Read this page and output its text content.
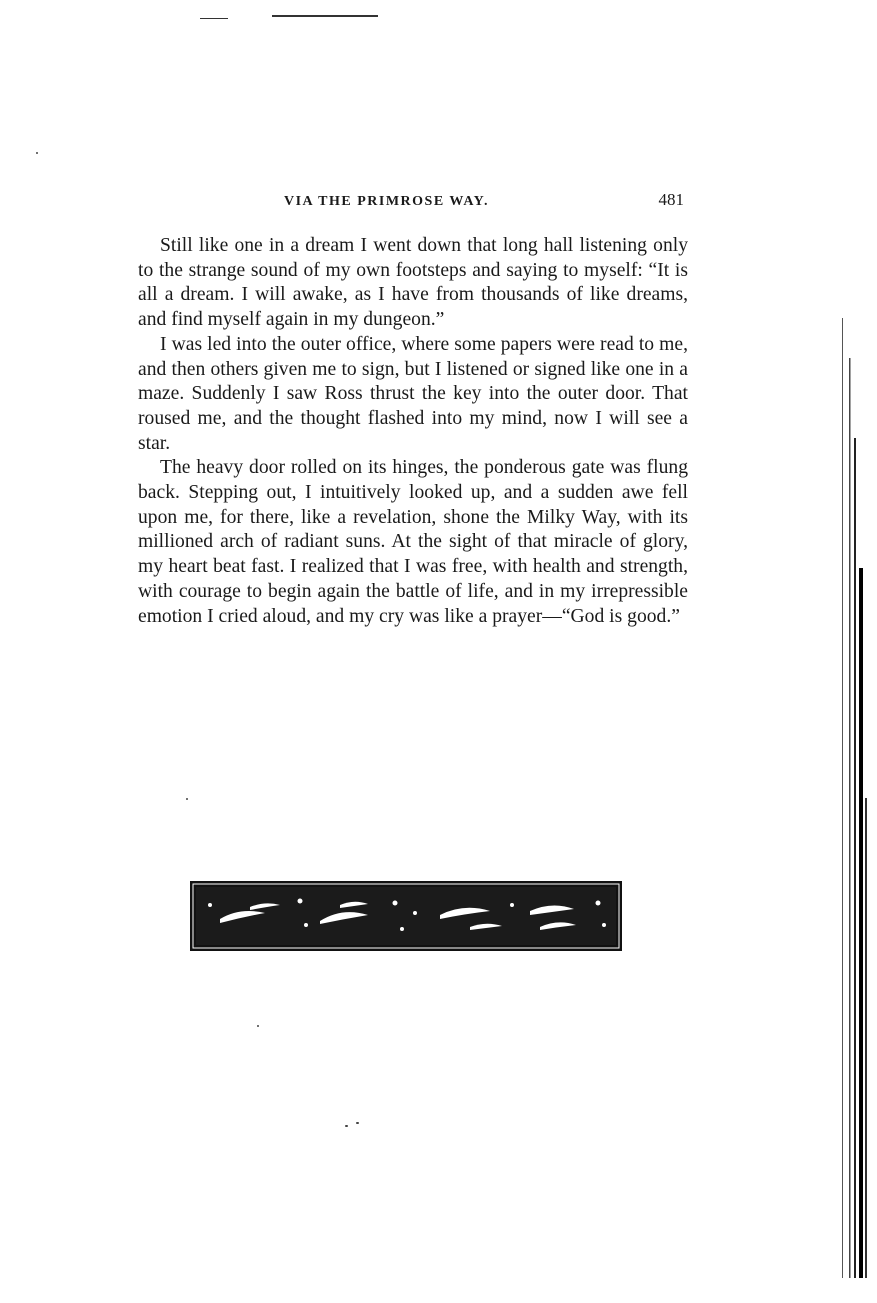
VIA THE PRIMROSE WAY.	481

Still like one in a dream I went down that long hall listening only to the strange sound of my own footsteps and saying to myself: “It is all a dream. I will awake, as I have from thousands of like dreams, and find myself again in my dungeon.”

I was led into the outer office, where some papers were read to me, and then others given me to sign, but I listened or signed like one in a maze. Suddenly I saw Ross thrust the key into the outer door. That roused me, and the thought flashed into my mind, now I will see a star.

The heavy door rolled on its hinges, the ponderous gate was flung back. Stepping out, I intuitively looked up, and a sudden awe fell upon me, for there, like a revelation, shone the Milky Way, with its millioned arch of radiant suns. At the sight of that miracle of glory, my heart beat fast. I realized that I was free, with health and strength, with courage to begin again the battle of life, and in my irrepressible emotion I cried aloud, and my cry was like a prayer—“God is good.”
